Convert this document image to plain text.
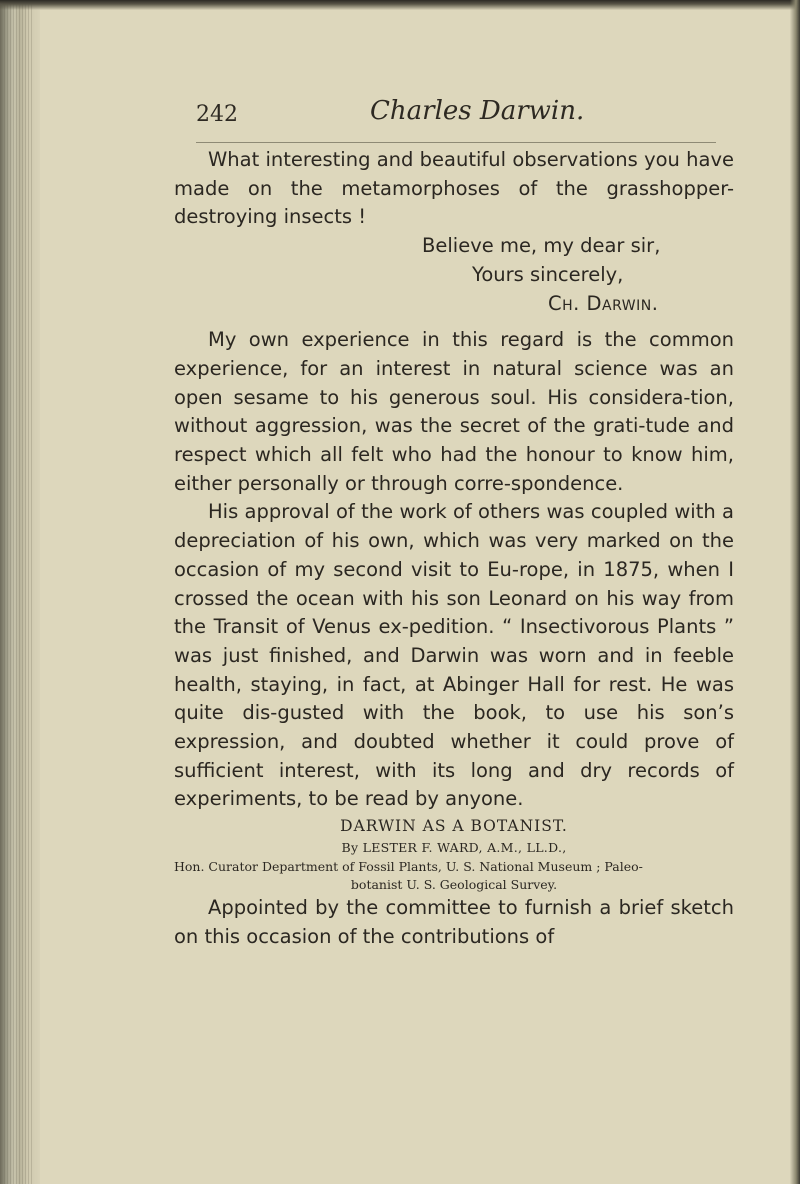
242	Charles Darwin.

What interesting and beautiful observations you have made on the metamorphoses of the grasshopper-destroying insects !

Believe me, my dear sir,

Yours sincerely,

Ch. Darwin.

My own experience in this regard is the common experience, for an interest in natural science was an open sesame to his generous soul. His considera-tion, without aggression, was the secret of the grati-tude and respect which all felt who had the honour to know him, either personally or through corre-spondence.

His approval of the work of others was coupled with a depreciation of his own, which was very marked on the occasion of my second visit to Eu-rope, in 1875, when I crossed the ocean with his son Leonard on his way from the Transit of Venus ex-pedition. “ Insectivorous Plants ” was just finished, and Darwin was worn and in feeble health, staying, in fact, at Abinger Hall for rest. He was quite dis-gusted with the book, to use his son’s expression, and doubted whether it could prove of sufficient interest, with its long and dry records of experiments, to be read by anyone.

DARWIN AS A BOTANIST.

By LESTER F. WARD, A.M., LL.D.,

Hon. Curator Department of Fossil Plants, U. S. National Museum ; Paleo-
botanist U. S. Geological Survey.

Appointed by the committee to furnish a brief sketch on this occasion of the contributions of
